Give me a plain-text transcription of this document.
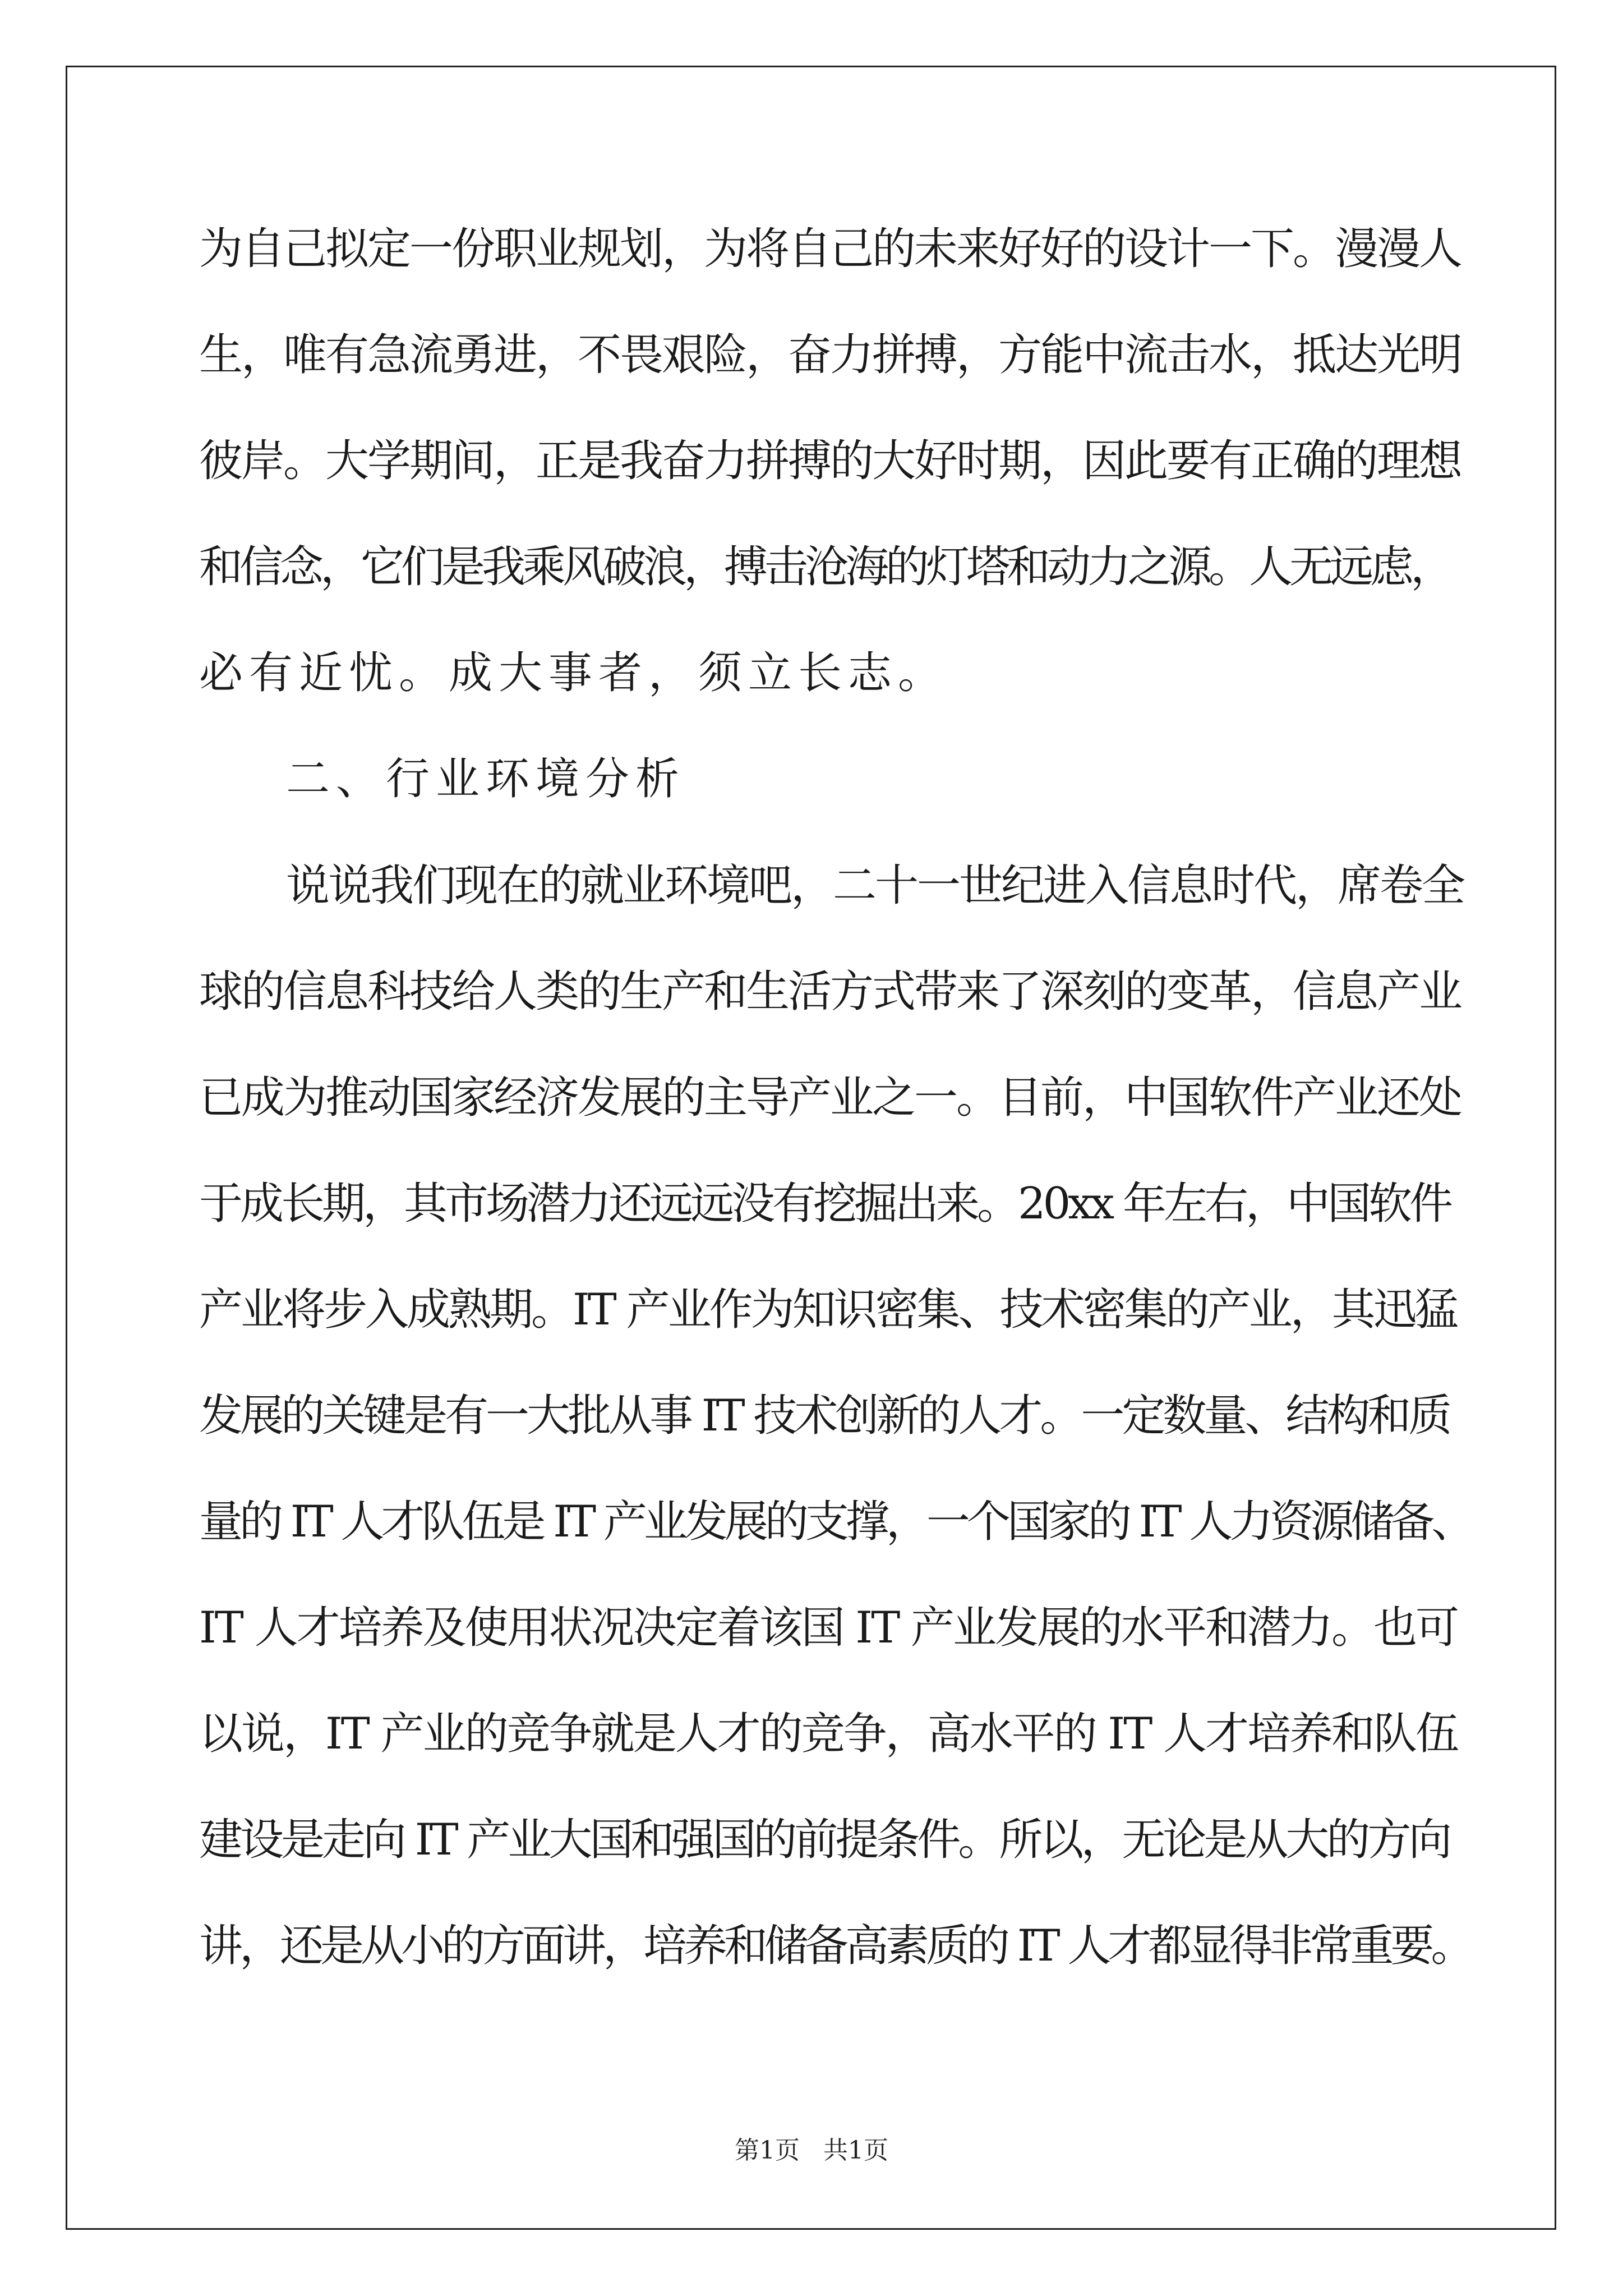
为自己拟定一份职业规划，为将自己的未来好好的设计一下。漫漫人

生，唯有急流勇进，不畏艰险，奋力拼搏，方能中流击水，抵达光明

彼岸。大学期间，正是我奋力拼搏的大好时期，因此要有正确的理想

和信念，它们是我乘风破浪，搏击沧海的灯塔和动力之源。人无远虑，

必有近忧。成大事者，须立长志。

二、行业环境分析

说说我们现在的就业环境吧，二十一世纪进入信息时代，席卷全

球的信息科技给人类的生产和生活方式带来了深刻的变革，信息产业

已成为推动国家经济发展的主导产业之一。目前，中国软件产业还处

于成长期，其市场潜力还远远没有挖掘出来。20xx 年左右，中国软件

产业将步入成熟期。IT 产业作为知识密集、技术密集的产业，其迅猛

发展的关键是有一大批从事 IT 技术创新的人才。一定数量、结构和质

量的 IT 人才队伍是 IT 产业发展的支撑，一个国家的 IT 人力资源储备、

IT 人才培养及使用状况决定着该国 IT 产业发展的水平和潜力。也可

以说，IT 产业的竞争就是人才的竞争，高水平的 IT 人才培养和队伍

建设是走向 IT 产业大国和强国的前提条件。所以，无论是从大的方向

讲，还是从小的方面讲，培养和储备高素质的 IT 人才都显得非常重要。

第1页   共1页
